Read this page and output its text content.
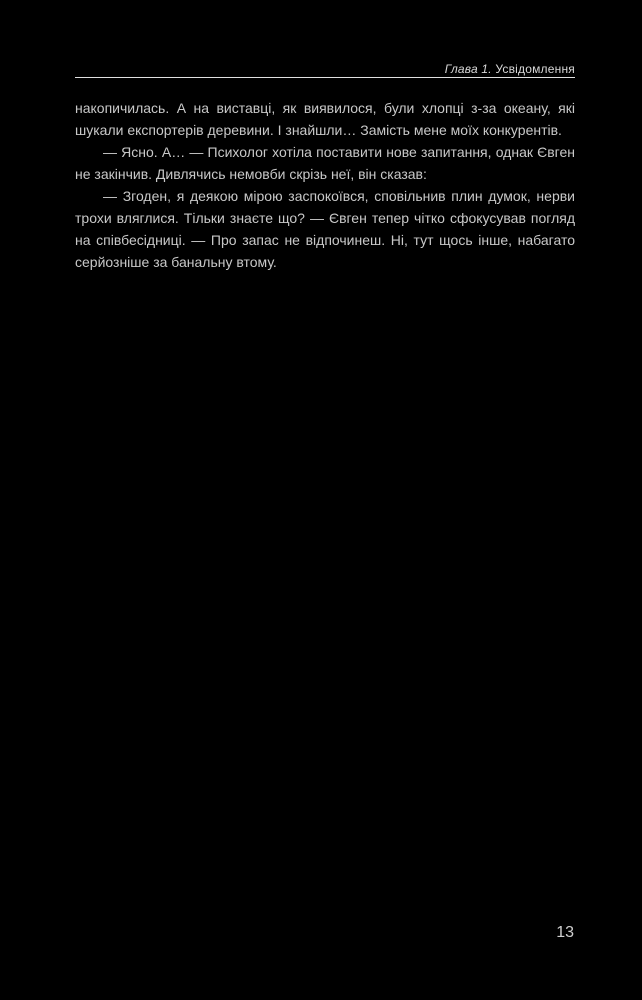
Глава 1. Усвідомлення

накопичилась. А на виставці, як виявилося, були хлопці з-за океану, які шукали експортерів деревини. І знайшли… Замість мене моїх конкурентів.

— Ясно. А… — Психолог хотіла поставити нове запитання, однак Євген не закінчив. Дивлячись немовби скрізь неї, він сказав:

— Згоден, я деякою мірою заспокоївся, сповільнив плин думок, нерви трохи вляглися. Тільки знаєте що? — Євген тепер чітко сфокусував погляд на співбесідниці. — Про запас не відпочинеш. Ні, тут щось інше, набагато серйозніше за банальну втому.

13
